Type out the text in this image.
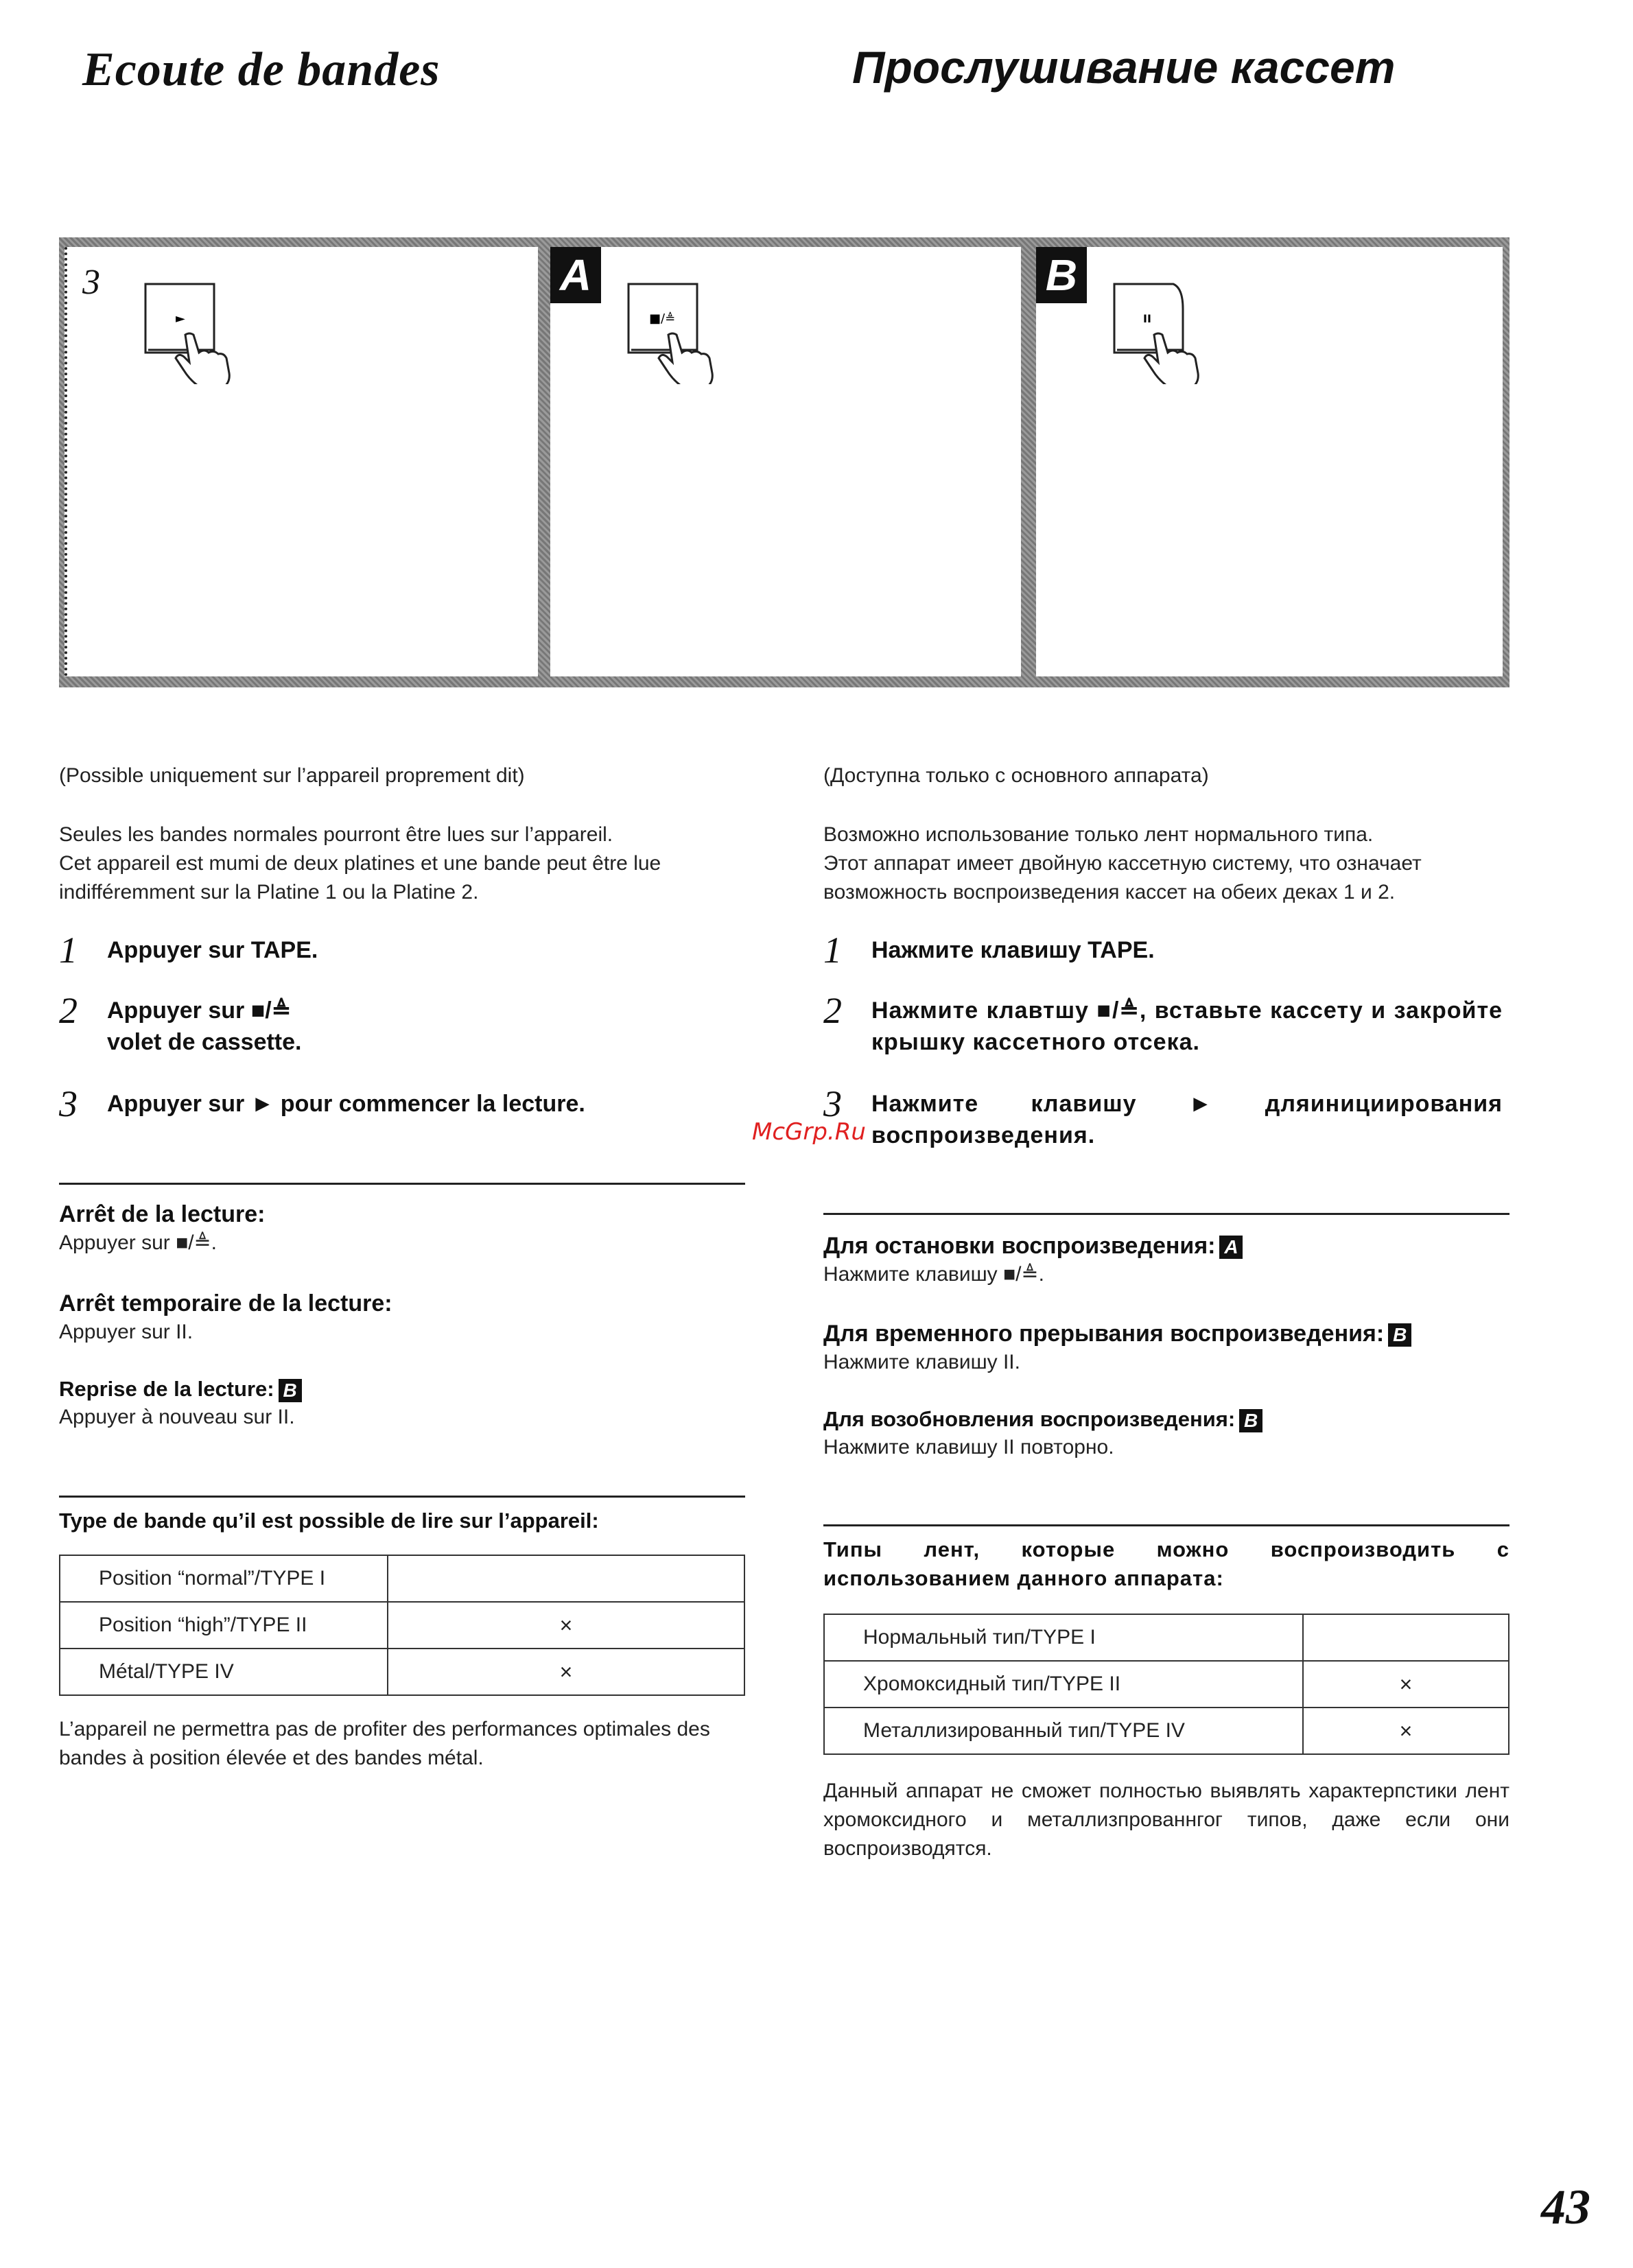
Ecoute de bandes	Прослушивание кассет
3
►
A
■/≜
B
II
(Possible uniquement sur l’appareil proprement dit)
Seules les bandes normales pourront être lues sur l’appareil.
Cet appareil est mumi de deux platines et une bande peut être lue indifféremment sur la Platine 1 ou la Platine 2.
1 Appuyer sur TAPE.
2 Appuyer sur ■/≜
volet de cassette.
3 Appuyer sur ► pour commencer la lecture.
Arrêt de la lecture:
Appuyer sur ■/≜.
Arrêt temporaire de la lecture:
Appuyer sur II.
Reprise de la lecture: B
Appuyer à nouveau sur II.
Type de bande qu’il est possible de lire sur l’appareil:
Position “normal”/TYPE I	
Position “high”/TYPE II	×
Métal/TYPE IV	×
L’appareil ne permettra pas de profiter des performances optimales des bandes à position élevée et des bandes métal.
(Доступна только с основного аппарата)
Возможно использование только лент нормального типа.
Этот аппарат имеет двойную кассетную систему, что означает возможность воспроизведения кассет на обеих деках 1 и 2.
1 Нажмите клавишу TAPE.
2 Нажмите клавтшу ■/≜, вставьте кассету и закройте крышку кассетного отсека.
3 Нажмите клавишу ► дляинициирования воспроизведения.
McGrp.Ru
Для остановки воспроизведения: A
Нажмите клавишу ■/≜.
Для временного прерывания воспроизведения: B
Нажмите клавишу II.
Для возобновления воспроизведения: B
Нажмите клавишу II повторно.
Типы лент, которые можно воспроизводить с использованием данного аппарата:
Нормальный тип/TYPE I	
Хромоксидный тип/TYPE II	×
Металлизированный тип/TYPE IV	×
Данный аппарат не сможет полностью выявлять характерпстики лент хромоксидного и металлизпрованнгог типов, даже если они воспроизводятся.
43
